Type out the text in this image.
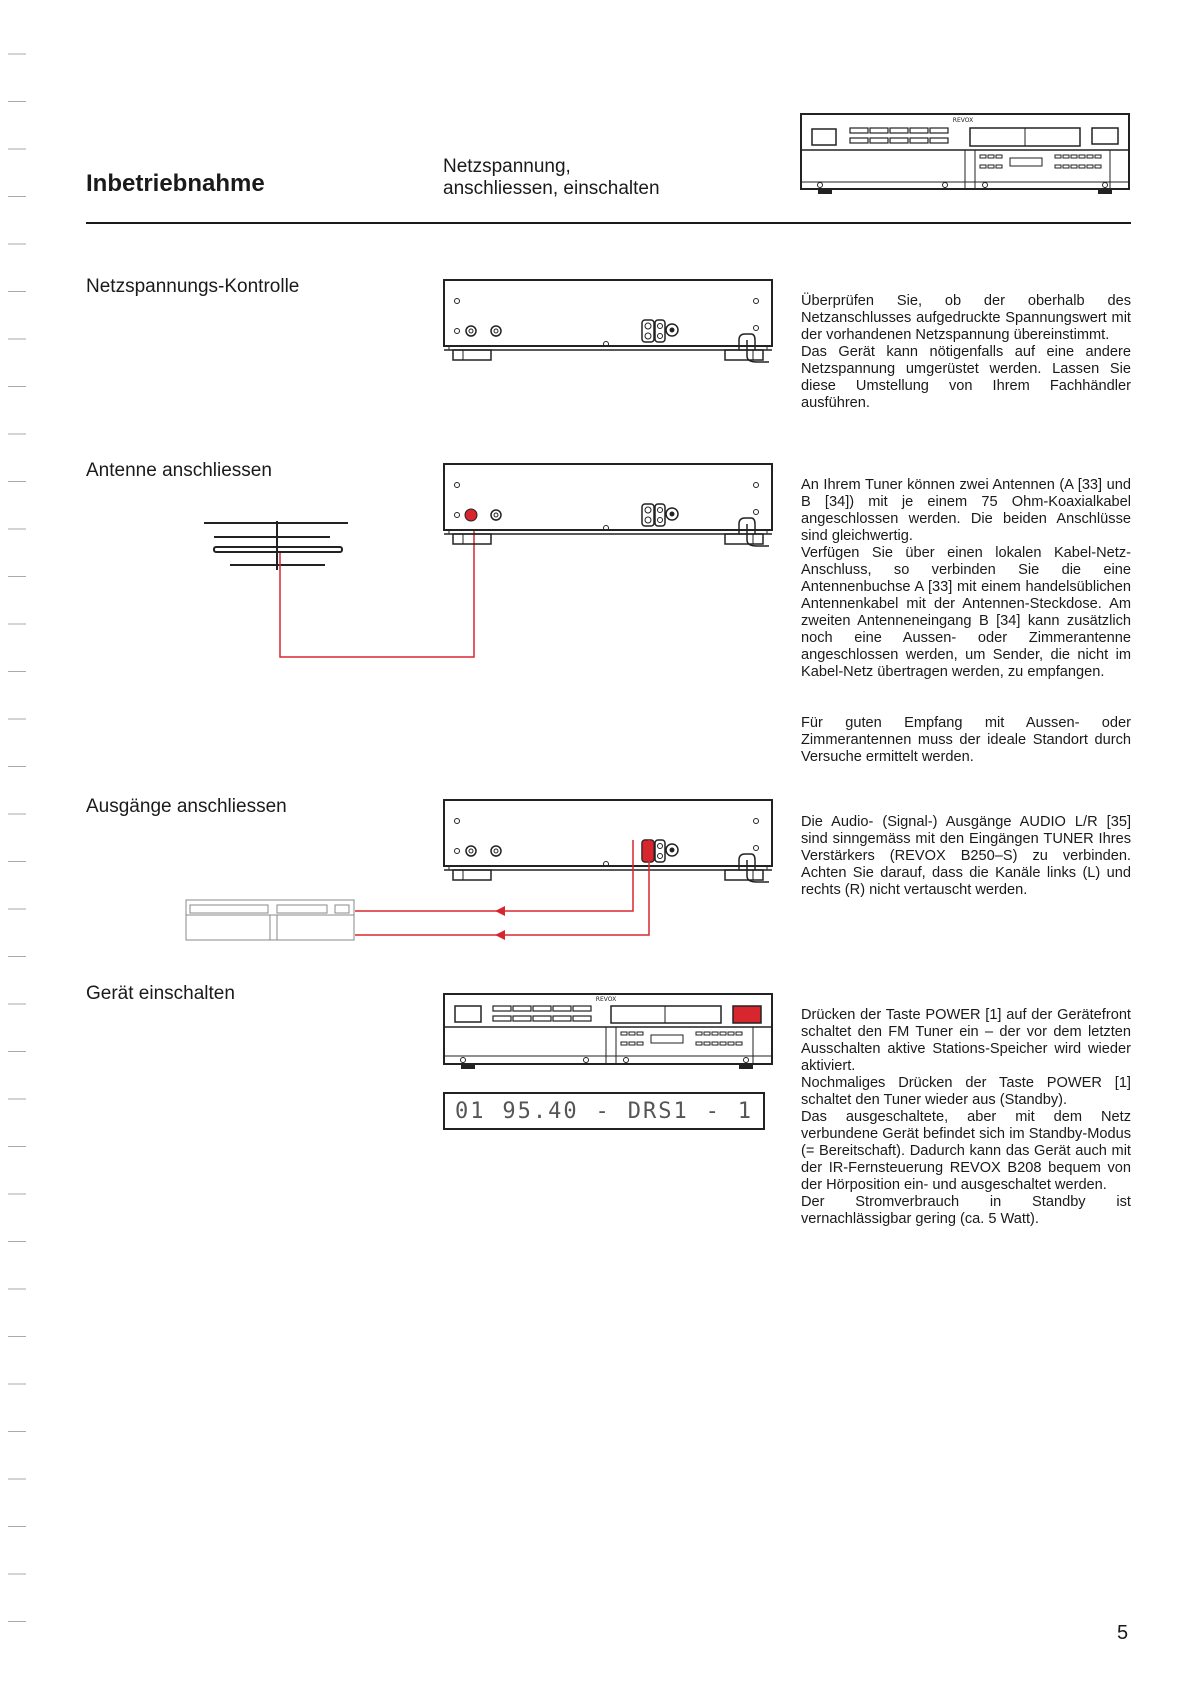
Inbetriebnahme
Netzspannung,
anschliessen, einschalten
REVOX
Netzspannungs-Kontrolle

Überprüfen Sie, ob der oberhalb des Netzanschlusses aufgedruckte Spannungswert mit der vorhandenen Netzspannung übereinstimmt.
Das Gerät kann nötigenfalls auf eine andere Netzspannung umgerüstet werden. Lassen Sie diese Umstellung von Ihrem Fachhändler ausführen.

Antenne anschliessen

An Ihrem Tuner können zwei Antennen (A [33] und B [34]) mit je einem 75 Ohm-Koaxialkabel angeschlossen werden. Die beiden Anschlüsse sind gleichwertig.
Verfügen Sie über einen lokalen Kabel-Netz-Anschluss, so verbinden Sie die eine Antennenbuchse A [33] mit einem handelsüblichen Antennenkabel mit der Antennen-Steckdose. Am zweiten Antenneneingang B [34] kann zusätzlich noch eine Aussen- oder Zimmerantenne angeschlossen werden, um Sender, die nicht im Kabel-Netz übertragen werden, zu empfangen.

Für guten Empfang mit Aussen- oder Zimmerantennen muss der ideale Standort durch Versuche ermittelt werden.

Ausgänge anschliessen

Die Audio- (Signal-) Ausgänge AUDIO L/R [35] sind sinngemäss mit den Eingängen TUNER Ihres Verstärkers (REVOX B250–S) zu verbinden. Achten Sie darauf, dass die Kanäle links (L) und rechts (R) nicht vertauscht werden.

Gerät einschalten	REVOX
01 95.40 - DRS1 - 1

Drücken der Taste POWER [1] auf der Gerätefront schaltet den FM Tuner ein – der vor dem letzten Ausschalten aktive Stations-Speicher wird wieder aktiviert.
Nochmaliges Drücken der Taste POWER [1] schaltet den Tuner wieder aus (Standby).
Das ausgeschaltete, aber mit dem Netz verbundene Gerät befindet sich im Standby-Modus (= Bereitschaft). Dadurch kann das Gerät auch mit der IR-Fernsteuerung REVOX B208 bequem von der Hörposition ein- und ausgeschaltet werden.
Der Stromverbrauch in Standby ist vernachlässigbar gering (ca. 5 Watt).

5
